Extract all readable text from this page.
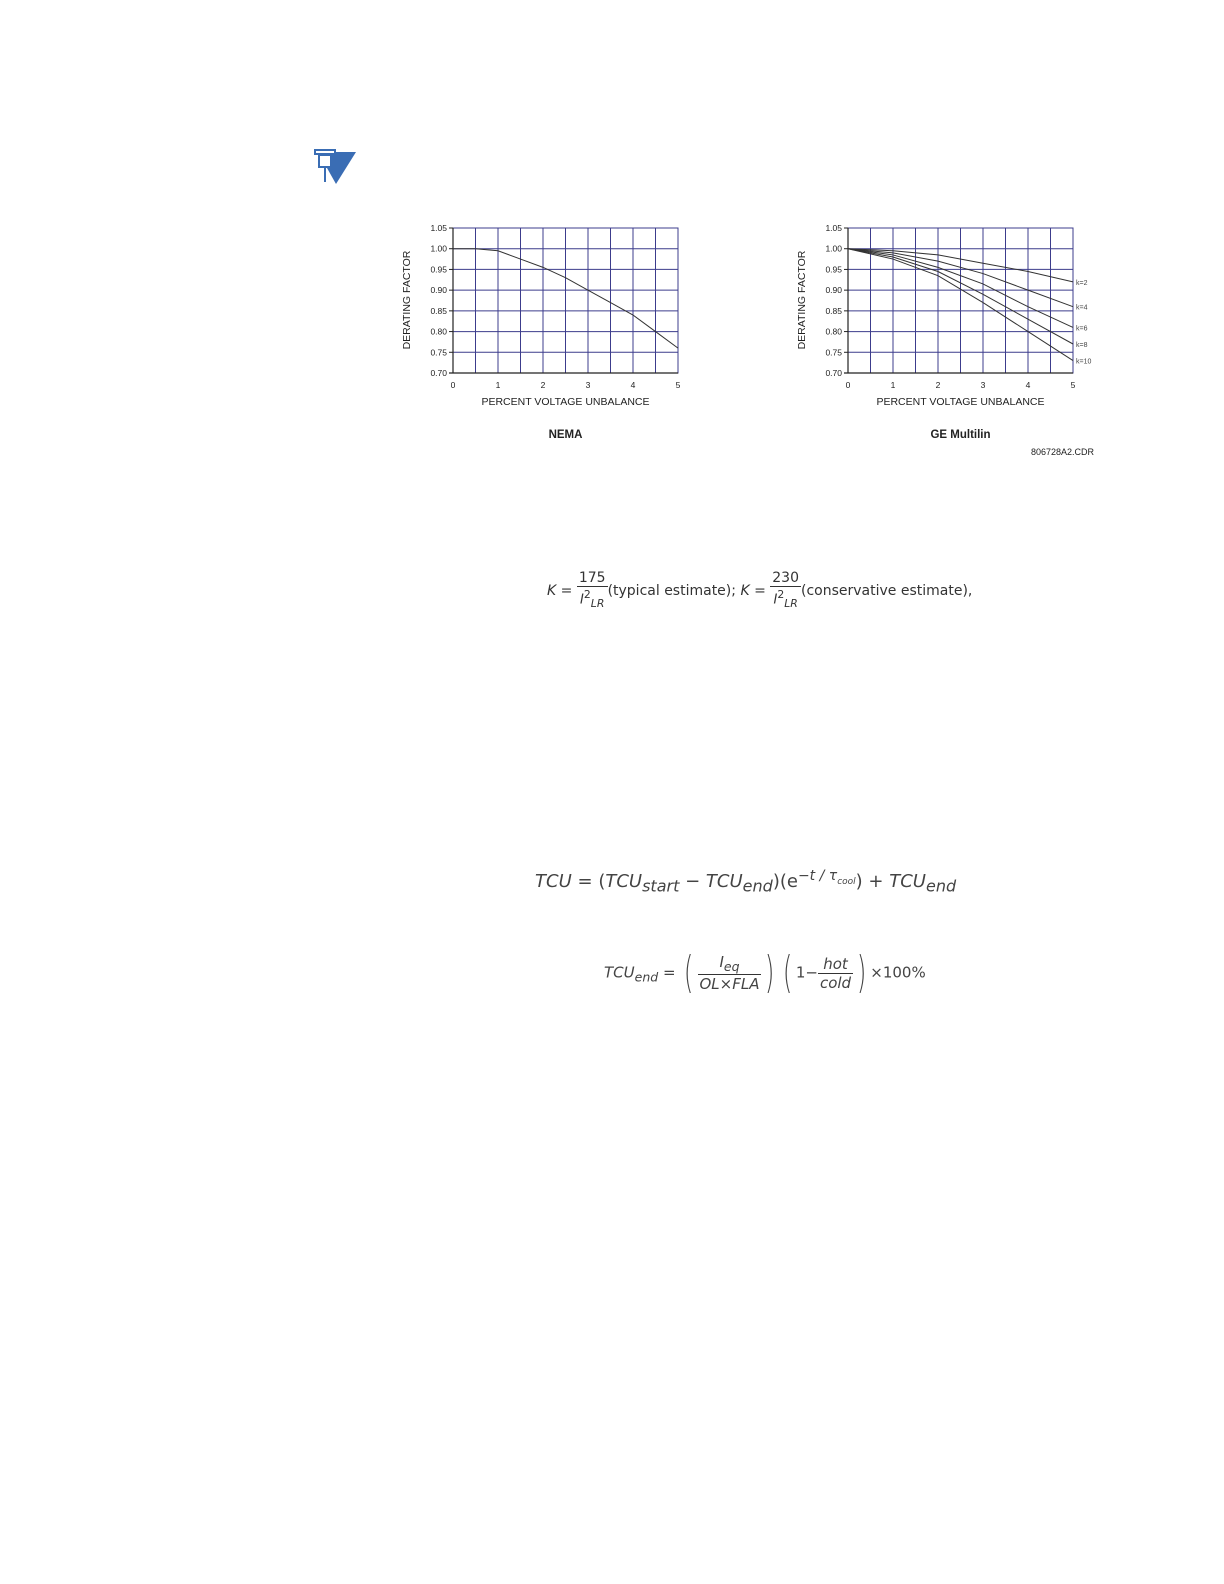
0.70
0.75
0.80
0.85
0.90
0.95
1.00
1.05
0	1	2	3	4	5
DERATING FACTOR
PERCENT VOLTAGE UNBALANCE
NEMA
0.70
0.75
0.80
0.85
0.90
0.95
1.00
1.05
0	1	2	3	4	5
k=2
k=4
k=6
k=8
k=10
DERATING FACTOR
PERCENT VOLTAGE UNBALANCE
GE Multilin
806728A2.CDR
$K = \frac{175}{I^2_{LR}}$ (typical estimate); $K = \frac{230}{I^2_{LR}}$ (conservative estimate),
TCU = $(TCU_{start} - TCU_{end})(e^{-t / \tau_{cool}}) + TCU_{end}$
$TCU_{end}$ = ( $\frac{I_{eq}}{\text{OL×FLA}}$ ) ( $1- \frac{\text{hot}}{\text{cold}}$ ) ×100%
